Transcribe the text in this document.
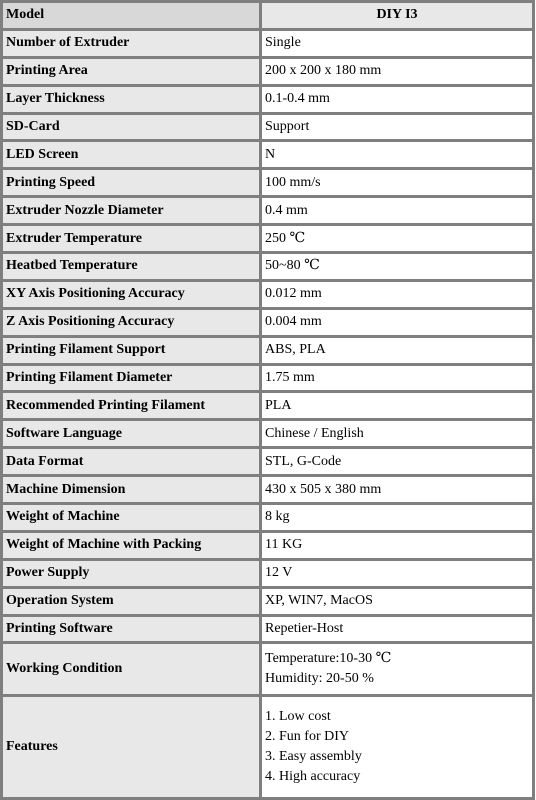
Model	DIY I3
Number of Extruder	Single
Printing Area	200 x 200 x 180 mm
Layer Thickness	0.1-0.4 mm
SD-Card	Support
LED Screen	N
Printing Speed	100 mm/s
Extruder Nozzle Diameter	0.4 mm
Extruder Temperature	250 ℃
Heatbed Temperature	50~80 ℃
XY Axis Positioning Accuracy	0.012 mm
Z Axis Positioning Accuracy	0.004 mm
Printing Filament Support	ABS, PLA
Printing Filament Diameter	1.75 mm
Recommended Printing Filament	PLA
Software Language	Chinese / English
Data Format	STL, G-Code
Machine Dimension	430 x 505 x 380 mm
Weight of Machine	8 kg
Weight of Machine with Packing	11 KG
Power Supply	12 V
Operation System	XP, WIN7, MacOS
Printing Software	Repetier-Host
Working Condition	Temperature:10-30 ℃
Humidity: 20-50 %

Features	1. Low cost
2. Fun for DIY
3. Easy assembly
4. High accuracy
